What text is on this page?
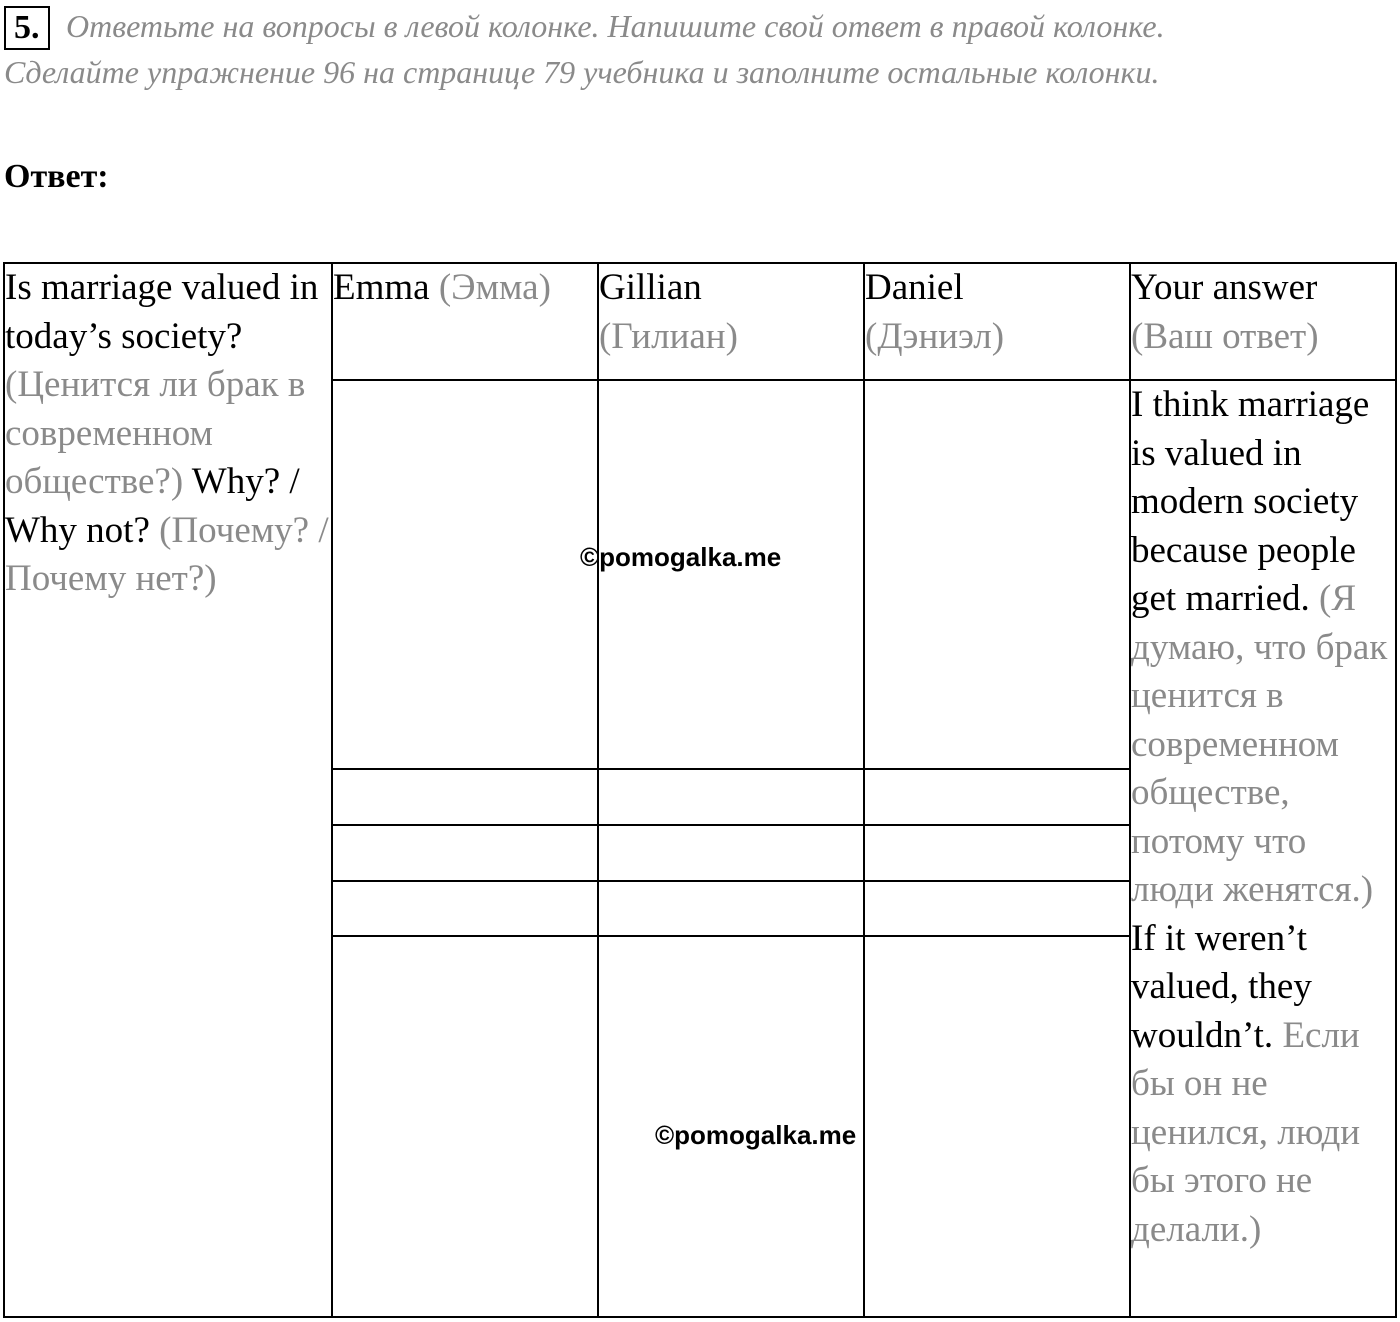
5. Ответьте на вопросы в левой колонке. Напишите свой ответ в правой колонке.
Сделайте упражнение 96 на странице 79 учебника и заполните остальные колонки.
Ответ:
Is marriage valued in today’s society? (Ценится ли брак в современном обществе?) Why? / Why not? (Почему? / Почему нет?)
Emma (Эмма)	Gillian
(Гилиан)
Daniel
(Дэниэл)
Your answer
(Ваш ответ)
I think marriage is valued in modern society because people get married. (Я думаю, что брак ценится в современном обществе, потому что люди женятся.) If it weren’t valued, they wouldn’t. Если бы он не ценился, люди бы этого не делали.)
©pomogalka.me
©pomogalka.me
